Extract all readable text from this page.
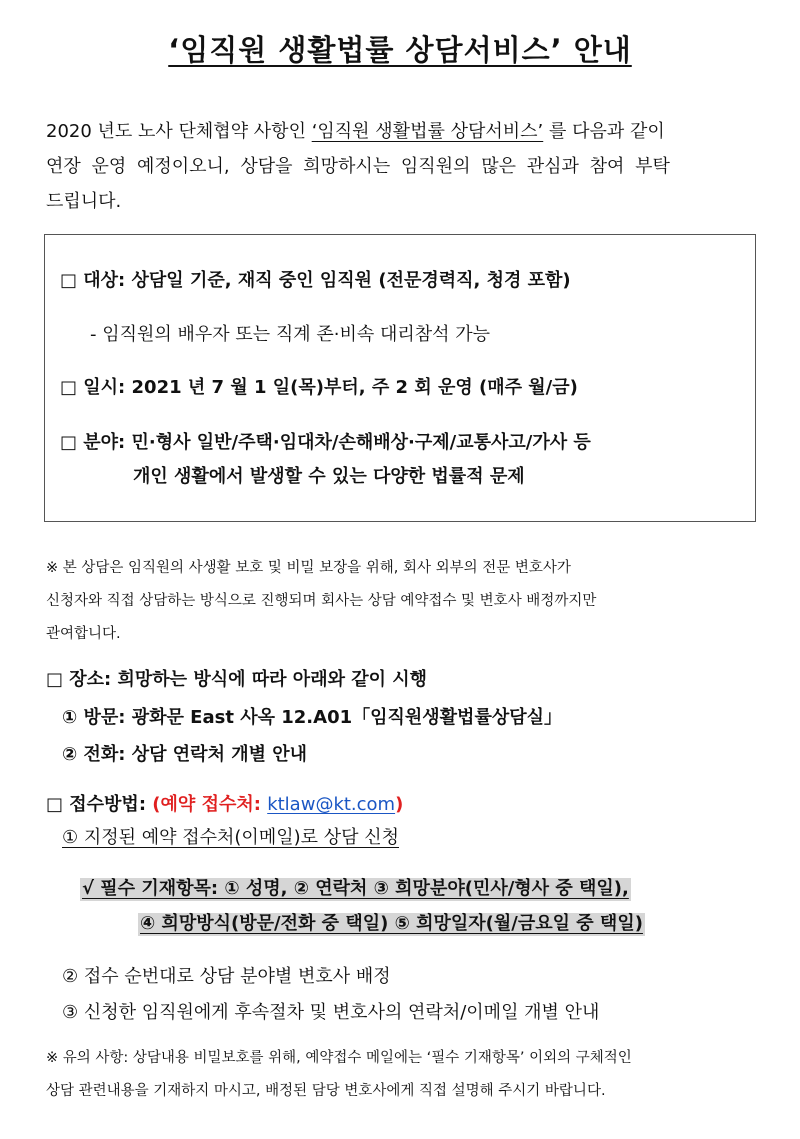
‘임직원 생활법률 상담서비스’ 안내
2020 년도 노사 단체협약 사항인 ‘임직원 생활법률 상담서비스’ 를 다음과 같이
연장 운영 예정이오니, 상담을 희망하시는 임직원의 많은 관심과 참여 부탁
드립니다.
□ 대상: 상담일 기준, 재직 중인 임직원 (전문경력직, 청경 포함)
- 임직원의 배우자 또는 직계 존·비속 대리참석 가능
□ 일시: 2021 년 7 월 1 일(목)부터, 주 2 회 운영 (매주 월/금)
□ 분야: 민·형사 일반/주택·임대차/손해배상·구제/교통사고/가사 등
개인 생활에서 발생할 수 있는 다양한 법률적 문제
※ 본 상담은 임직원의 사생활 보호 및 비밀 보장을 위해, 회사 외부의 전문 변호사가
신청자와 직접 상담하는 방식으로 진행되며 회사는 상담 예약접수 및 변호사 배정까지만
관여합니다.
□ 장소: 희망하는 방식에 따라 아래와 같이 시행
① 방문: 광화문 East 사옥 12.A01「임직원생활법률상담실」
② 전화: 상담 연락처 개별 안내
□ 접수방법: (예약 접수처: ktlaw@kt.com)
① 지정된 예약 접수처(이메일)로 상담 신청
√ 필수 기재항목: ① 성명, ② 연락처 ③ 희망분야(민사/형사 중 택일),
④ 희망방식(방문/전화 중 택일) ⑤ 희망일자(월/금요일 중 택일)
② 접수 순번대로 상담 분야별 변호사 배정
③ 신청한 임직원에게 후속절차 및 변호사의 연락처/이메일 개별 안내
※ 유의 사항: 상담내용 비밀보호를 위해, 예약접수 메일에는 ‘필수 기재항목’ 이외의 구체적인
상담 관련내용을 기재하지 마시고, 배정된 담당 변호사에게 직접 설명해 주시기 바랍니다.
